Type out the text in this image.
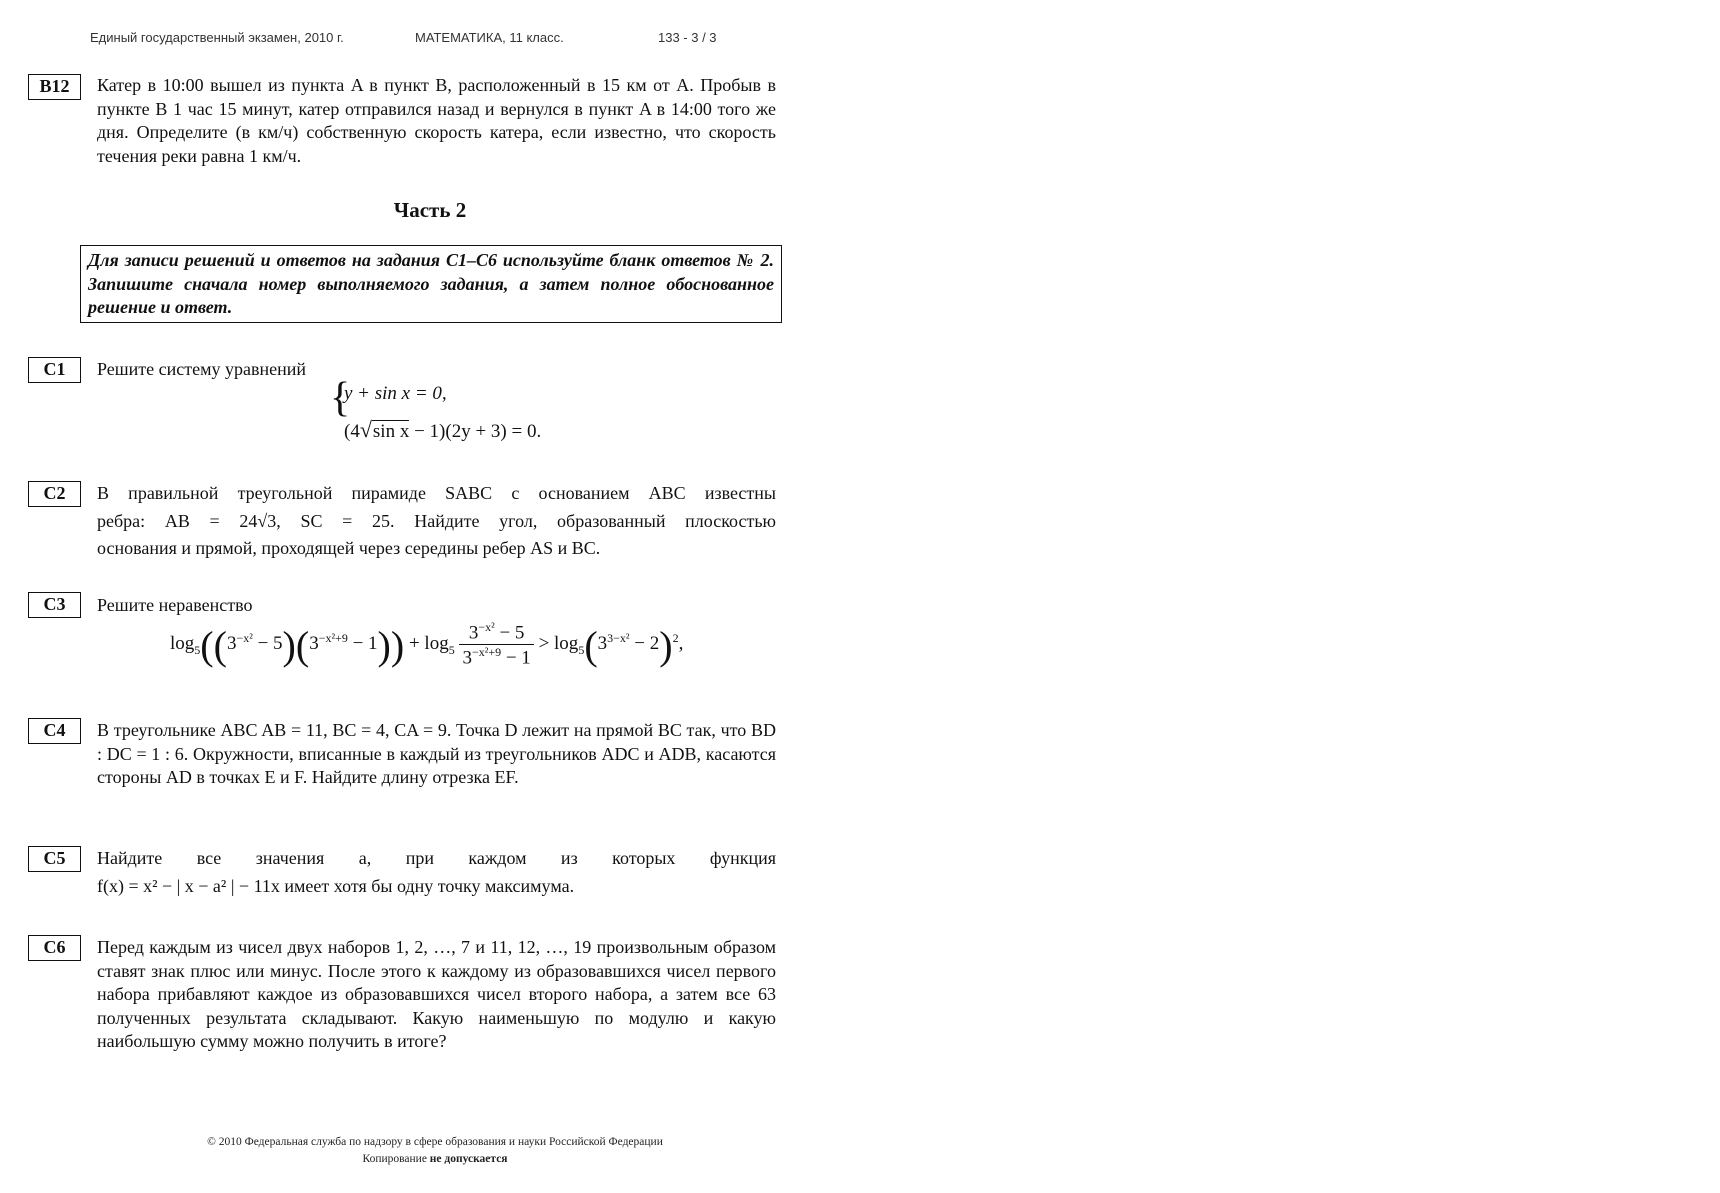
Единый государственный экзамен, 2010 г.	МАТЕМАТИКА, 11 класс.	133 - 3 / 3
B12	Катер в 10:00 вышел из пункта A в пункт B, расположенный в 15 км от A. Пробыв в пункте B 1 час 15 минут, катер отправился назад и вернулся в пункт A в 14:00 того же дня. Определите (в км/ч) собственную скорость катера, если известно, что скорость течения реки равна 1 км/ч.
Часть 2
Для записи решений и ответов на задания С1–С6 используйте бланк ответов № 2. Запишите сначала номер выполняемого задания, а затем полное обоснованное решение и ответ.
C1	Решите систему уравнений
{
y + sin x = 0,
(4√sin x − 1)(2y + 3) = 0.
C2	В правильной треугольной пирамиде SABC с основанием ABC известны
ребра: AB = 24√3, SC = 25. Найдите угол, образованный плоскостью
основания и прямой, проходящей через середины ребер AS и BC.
C3	Решите неравенство
$\log_5((3^{-x^2} - 5)(3^{-x^2+9} - 1)) + \log_5 \frac{3^{-x^2} - 5}{3^{-x^2+9} - 1} > \log_5(3^{3-x^2} - 2)^2$,
C4	В треугольнике ABC AB = 11, BC = 4, CA = 9. Точка D лежит на прямой BC так, что BD : DC = 1 : 6. Окружности, вписанные в каждый из треугольников ADC и ADB, касаются стороны AD в точках E и F. Найдите длину отрезка EF.
C5	Найдите все значения a, при каждом из которых функция
f(x) = x² − | x − a² | − 11x имеет хотя бы одну точку максимума.
C6	Перед каждым из чисел двух наборов 1, 2, …, 7 и 11, 12, …, 19 произвольным образом ставят знак плюс или минус. После этого к каждому из образовавшихся чисел первого набора прибавляют каждое из образовавшихся чисел второго набора, а затем все 63 полученных результата складывают. Какую наименьшую по модулю и какую наибольшую сумму можно получить в итоге?
© 2010 Федеральная служба по надзору в сфере образования и науки Российской Федерации
Копирование не допускается
